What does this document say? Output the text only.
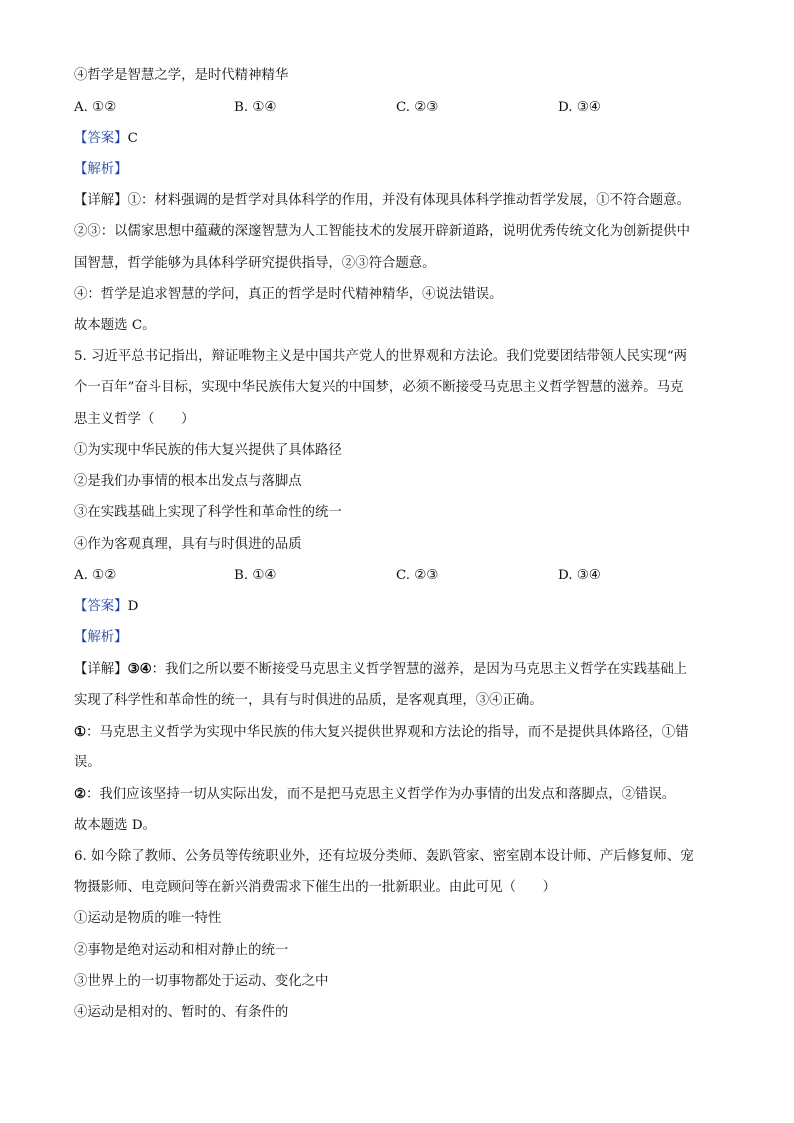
④哲学是智慧之学，是时代精神精华
A. ①②	B. ①④	C. ②③	D. ③④
【答案】C
【解析】
【详解】①：材料强调的是哲学对具体科学的作用，并没有体现具体科学推动哲学发展，①不符合题意。
②③：以儒家思想中蕴藏的深邃智慧为人工智能技术的发展开辟新道路，说明优秀传统文化为创新提供中
国智慧，哲学能够为具体科学研究提供指导，②③符合题意。
④：哲学是追求智慧的学问，真正的哲学是时代精神精华，④说法错误。
故本题选 C。
5. 习近平总书记指出，辩证唯物主义是中国共产党人的世界观和方法论。我们党要团结带领人民实现“两
个一百年”奋斗目标，实现中华民族伟大复兴的中国梦，必须不断接受马克思主义哲学智慧的滋养。马克
思主义哲学（　　）
①为实现中华民族的伟大复兴提供了具体路径
②是我们办事情的根本出发点与落脚点
③在实践基础上实现了科学性和革命性的统一
④作为客观真理，具有与时俱进的品质
A. ①②	B. ①④	C. ②③	D. ③④
【答案】D
【解析】
【详解】③④：我们之所以要不断接受马克思主义哲学智慧的滋养，是因为马克思主义哲学在实践基础上
实现了科学性和革命性的统一，具有与时俱进的品质，是客观真理，③④正确。
①：马克思主义哲学为实现中华民族的伟大复兴提供世界观和方法论的指导，而不是提供具体路径，①错
误。
②：我们应该坚持一切从实际出发，而不是把马克思主义哲学作为办事情的出发点和落脚点，②错误。
故本题选 D。
6. 如今除了教师、公务员等传统职业外，还有垃圾分类师、轰趴管家、密室剧本设计师、产后修复师、宠
物摄影师、电竞顾问等在新兴消费需求下催生出的一批新职业。由此可见（　　）
①运动是物质的唯一特性
②事物是绝对运动和相对静止的统一
③世界上的一切事物都处于运动、变化之中
④运动是相对的、暂时的、有条件的
